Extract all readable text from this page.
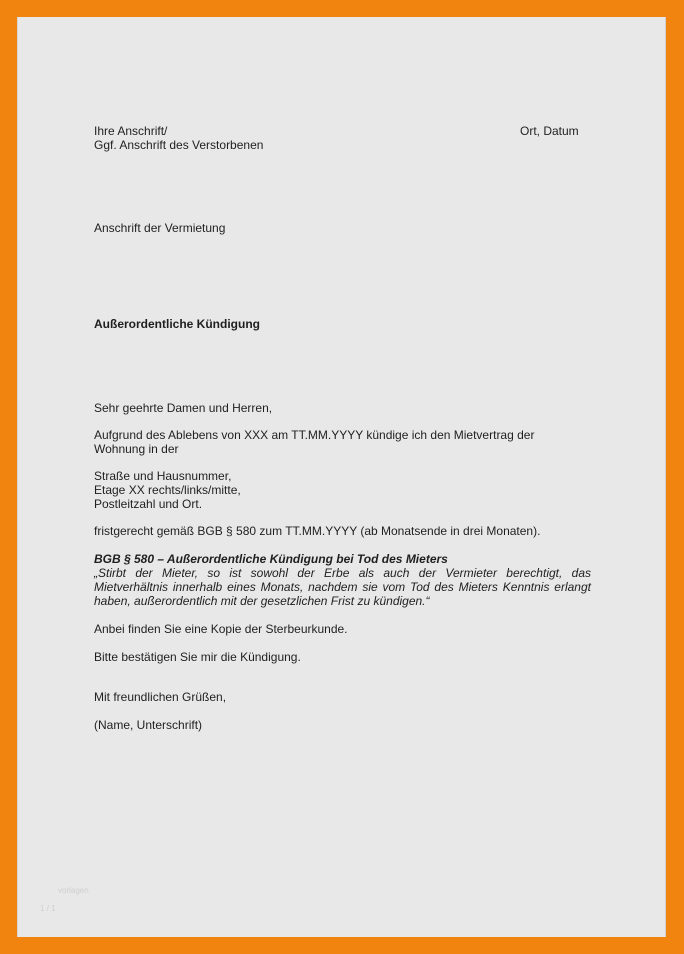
Ihre Anschrift/
Ggf. Anschrift des Verstorbenen
Ort, Datum
Anschrift der Vermietung
Außerordentliche Kündigung
Sehr geehrte Damen und Herren,
Aufgrund des Ablebens von XXX am TT.MM.YYYY kündige ich den Mietvertrag der
Wohnung in der
Straße und Hausnummer,
Etage XX rechts/links/mitte,
Postleitzahl und Ort.
fristgerecht gemäß BGB § 580 zum TT.MM.YYYY (ab Monatsende in drei Monaten).
BGB § 580 – Außerordentliche Kündigung bei Tod des Mieters
„Stirbt der Mieter, so ist sowohl der Erbe als auch der Vermieter berechtigt, das
Mietverhältnis innerhalb eines Monats, nachdem sie vom Tod des Mieters Kenntnis erlangt
haben, außerordentlich mit der gesetzlichen Frist zu kündigen.“
Anbei finden Sie eine Kopie der Sterbeurkunde.
Bitte bestätigen Sie mir die Kündigung.
Mit freundlichen Grüßen,
(Name, Unterschrift)
vorlagen
1 / 1
